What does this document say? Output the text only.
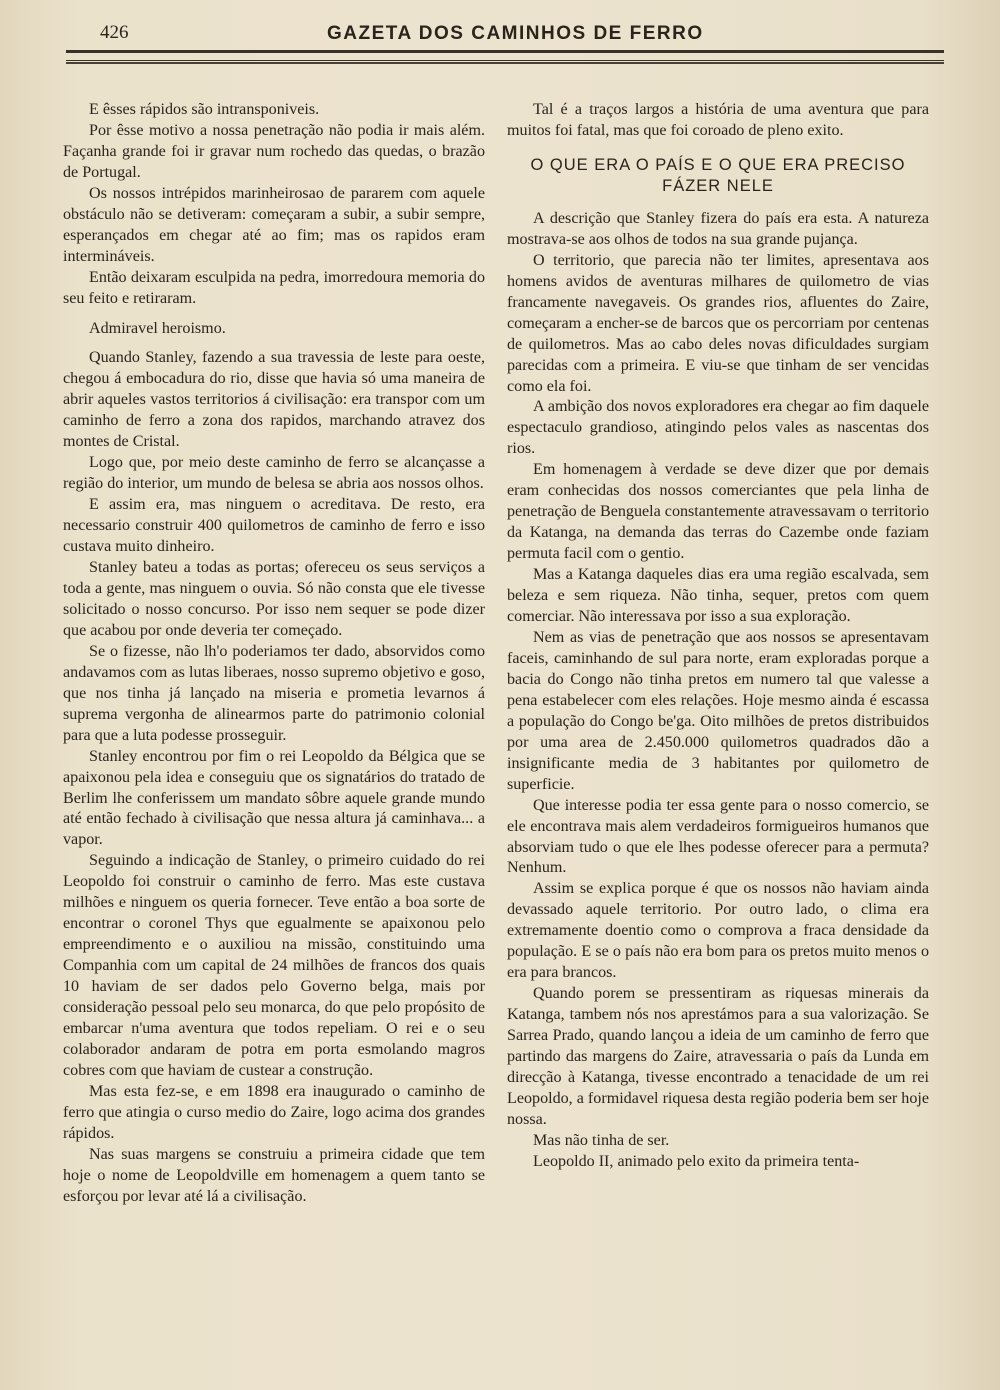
426	GAZETA DOS CAMINHOS DE FERRO

E êsses rápidos são intransponiveis.

Por êsse motivo a nossa penetração não podia ir mais além. Façanha grande foi ir gravar num rochedo das quedas, o brazão de Portugal.

Os nossos intrépidos marinheirosao de pararem com aquele obstáculo não se detiveram: começaram a subir, a subir sempre, esperançados em chegar até ao fim; mas os rapidos eram intermináveis.

Então deixaram esculpida na pedra, imorredoura memoria do seu feito e retiraram.

Admiravel heroismo.

Quando Stanley, fazendo a sua travessia de leste para oeste, chegou á embocadura do rio, disse que havia só uma maneira de abrir aqueles vastos territorios á civilisação: era transpor com um caminho de ferro a zona dos rapidos, marchando atravez dos montes de Cristal.

Logo que, por meio deste caminho de ferro se alcançasse a região do interior, um mundo de belesa se abria aos nossos olhos.

E assim era, mas ninguem o acreditava. De resto, era necessario construir 400 quilometros de caminho de ferro e isso custava muito dinheiro.

Stanley bateu a todas as portas; ofereceu os seus serviços a toda a gente, mas ninguem o ouvia. Só não consta que ele tivesse solicitado o nosso concurso. Por isso nem sequer se pode dizer que acabou por onde deveria ter começado.

Se o fizesse, não lh'o poderiamos ter dado, absorvidos como andavamos com as lutas liberaes, nosso supremo objetivo e goso, que nos tinha já lançado na miseria e prometia levarnos á suprema vergonha de alinearmos parte do patrimonio colonial para que a luta podesse prosseguir.

Stanley encontrou por fim o rei Leopoldo da Bélgica que se apaixonou pela idea e conseguiu que os signatários do tratado de Berlim lhe conferissem um mandato sôbre aquele grande mundo até então fechado à civilisação que nessa altura já caminhava... a vapor.

Seguindo a indicação de Stanley, o primeiro cuidado do rei Leopoldo foi construir o caminho de ferro. Mas este custava milhões e ninguem os queria fornecer. Teve então a boa sorte de encontrar o coronel Thys que egualmente se apaixonou pelo empreendimento e o auxiliou na missão, constituindo uma Companhia com um capital de 24 milhões de francos dos quais 10 haviam de ser dados pelo Governo belga, mais por consideração pessoal pelo seu monarca, do que pelo propósito de embarcar n'uma aventura que todos repeliam. O rei e o seu colaborador andaram de potra em porta esmolando magros cobres com que haviam de custear a construção.

Mas esta fez-se, e em 1898 era inaugurado o caminho de ferro que atingia o curso medio do Zaire, logo acima dos grandes rápidos.

Nas suas margens se construiu a primeira cidade que tem hoje o nome de Leopoldville em homenagem a quem tanto se esforçou por levar até lá a civilisação.

Tal é a traços largos a história de uma aventura que para muitos foi fatal, mas que foi coroado de pleno exito.

O QUE ERA O PAÍS E O QUE ERA PRECISO FÁZER NELE

A descrição que Stanley fizera do país era esta. A natureza mostrava-se aos olhos de todos na sua grande pujança.

O territorio, que parecia não ter limites, apresentava aos homens avidos de aventuras milhares de quilometro de vias francamente navegaveis. Os grandes rios, afluentes do Zaire, começaram a encher-se de barcos que os percorriam por centenas de quilometros. Mas ao cabo deles novas dificuldades surgiam parecidas com a primeira. E viu-se que tinham de ser vencidas como ela foi.

A ambição dos novos exploradores era chegar ao fim daquele espectaculo grandioso, atingindo pelos vales as nascentas dos rios.

Em homenagem à verdade se deve dizer que por demais eram conhecidas dos nossos comerciantes que pela linha de penetração de Benguela constantemente atravessavam o territorio da Katanga, na demanda das terras do Cazembe onde faziam permuta facil com o gentio.

Mas a Katanga daqueles dias era uma região escalvada, sem beleza e sem riqueza. Não tinha, sequer, pretos com quem comerciar. Não interessava por isso a sua exploração.

Nem as vias de penetração que aos nossos se apresentavam faceis, caminhando de sul para norte, eram exploradas porque a bacia do Congo não tinha pretos em numero tal que valesse a pena estabelecer com eles relações. Hoje mesmo ainda é escassa a população do Congo be'ga. Oito milhões de pretos distribuidos por uma area de 2.450.000 quilometros quadrados dão a insignificante media de 3 habitantes por quilometro de superficie.

Que interesse podia ter essa gente para o nosso comercio, se ele encontrava mais alem verdadeiros formigueiros humanos que absorviam tudo o que ele lhes podesse oferecer para a permuta? Nenhum.

Assim se explica porque é que os nossos não haviam ainda devassado aquele territorio. Por outro lado, o clima era extremamente doentio como o comprova a fraca densidade da população. E se o país não era bom para os pretos muito menos o era para brancos.

Quando porem se pressentiram as riquesas minerais da Katanga, tambem nós nos aprestámos para a sua valorização. Se Sarrea Prado, quando lançou a ideia de um caminho de ferro que partindo das margens do Zaire, atravessaria o país da Lunda em direcção à Katanga, tivesse encontrado a tenacidade de um rei Leopoldo, a formidavel riquesa desta região poderia bem ser hoje nossa.

Mas não tinha de ser.

Leopoldo II, animado pelo exito da primeira tenta-
